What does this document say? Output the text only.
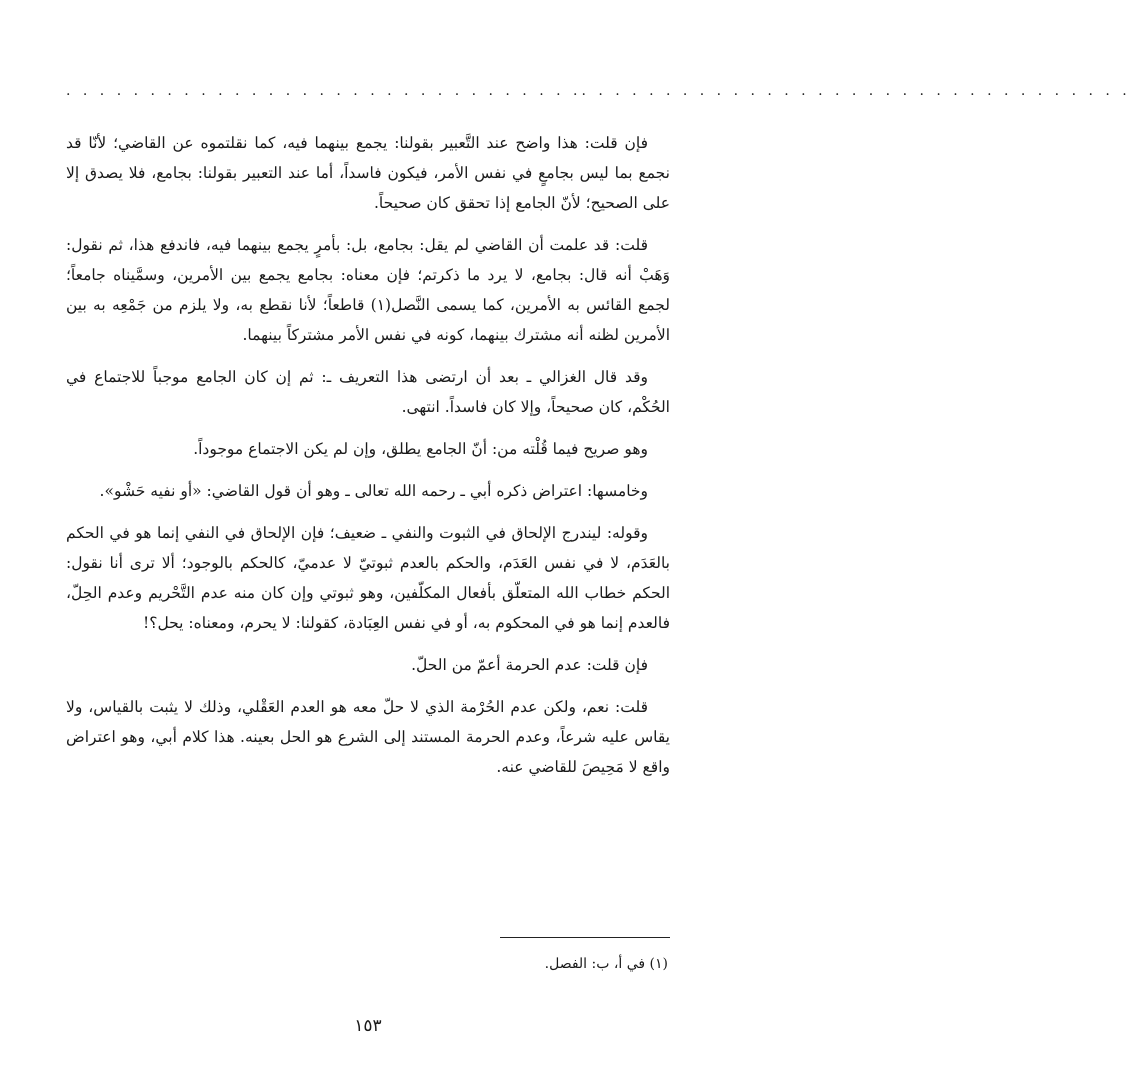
. . . . . . . . . . . . . . . . . . . . . . . . . . . . . . . . . . . . . . . . . . . . . . . . . . . . . . . . . . . . . . . .

فإن قلت: هذا واضح عند التَّعبير بقولنا: يجمع بينهما فيه، كما نقلتموه عن القاضي؛ لأنّا قد نجمع بما ليس بجامعٍ في نفس الأمر، فيكون فاسداً، أما عند التعبير بقولنا: بجامع، فلا يصدق إلا على الصحيح؛ لأنّ الجامع إذا تحقق كان صحيحاً.

قلت: قد علمت أن القاضي لم يقل: بجامع، بل: بأمرٍ يجمع بينهما فيه، فاندفع هذا، ثم نقول: وَهَبْ أنه قال: بجامع، لا يرد ما ذكرتم؛ فإن معناه: بجامع يجمع بين الأمرين، وسمَّيناه جامعاً؛ لجمع القائس به الأمرين، كما يسمى النَّصل(١) قاطعاً؛ لأنا نقطع به، ولا يلزم من جَمْعِه به بين الأمرين لظنه أنه مشترك بينهما، كونه في نفس الأمر مشتركاً بينهما.

وقد قال الغزالي ـ بعد أن ارتضى هذا التعريف ـ: ثم إن كان الجامع موجباً للاجتماع في الحُكْم، كان صحيحاً، وإلا كان فاسداً. انتهى.

وهو صريح فيما قُلْته من: أنّ الجامع يطلق، وإن لم يكن الاجتماع موجوداً.

وخامسها: اعتراض ذكره أبي ـ رحمه الله تعالى ـ وهو أن قول القاضي: «أو نفيه حَشْو».

وقوله: ليندرج الإلحاق في الثبوت والنفي ـ ضعيف؛ فإن الإلحاق في النفي إنما هو في الحكم بالعَدَم، لا في نفس العَدَم، والحكم بالعدم ثبوتيّ لا عدميّ، كالحكم بالوجود؛ ألا ترى أنا نقول: الحكم خطاب الله المتعلّق بأفعال المكلّفين، وهو ثبوتي وإن كان منه عدم التَّحْريم وعدم الحِلّ، فالعدم إنما هو في المحكوم به، أو في نفس العِبَادة، كقولنا: لا يحرم، ومعناه: يحل؟!

فإن قلت: عدم الحرمة أعمّ من الحلّ.

قلت: نعم، ولكن عدم الحُرْمة الذي لا حلّ معه هو العدم العَقْلي، وذلك لا يثبت بالقياس، ولا يقاس عليه شرعاً، وعدم الحرمة المستند إلى الشرع هو الحل بعينه. هذا كلام أبي، وهو اعتراض واقع لا مَحِيصَ للقاضي عنه.

(١) في أ، ب: الفصل.
١٥٣
